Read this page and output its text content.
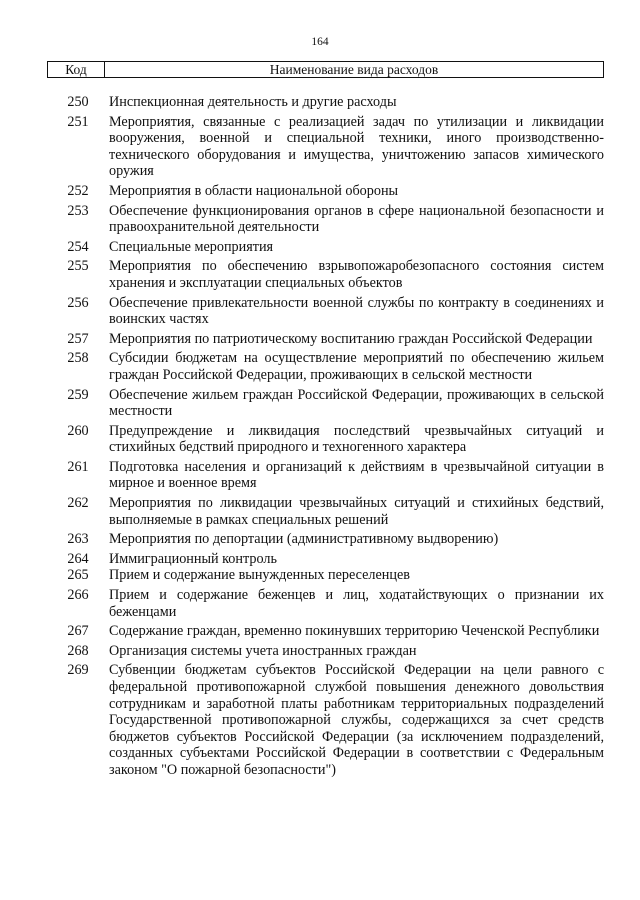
164
Код	Наименование вида расходов
250	Инспекционная деятельность и другие расходы
251	Мероприятия, связанные с реализацией задач по утилизации и ликвидации вооружения, военной и специальной техники, иного производственно-технического оборудования и имущества, уничтожению запасов химического оружия
252	Мероприятия в области национальной обороны
253	Обеспечение функционирования органов в сфере национальной безопасности и правоохранительной деятельности
254	Специальные мероприятия
255	Мероприятия по обеспечению взрывопожаробезопасного состояния систем хранения и эксплуатации специальных объектов
256	Обеспечение привлекательности военной службы по контракту в соединениях и воинских частях
257	Мероприятия по патриотическому воспитанию граждан Российской Федерации
258	Субсидии бюджетам на осуществление мероприятий по обеспечению жильем граждан Российской Федерации, проживающих в сельской местности
259	Обеспечение жильем граждан Российской Федерации, проживающих в сельской местности
260	Предупреждение и ликвидация последствий чрезвычайных ситуаций и стихийных бедствий природного и техногенного характера
261	Подготовка населения и организаций к действиям в чрезвычайной ситуации в мирное и военное время
262	Мероприятия по ликвидации чрезвычайных ситуаций и стихийных бедствий, выполняемые в рамках специальных решений
263	Мероприятия по депортации (административному выдворению)
264	Иммиграционный контроль
265	Прием и содержание вынужденных переселенцев
266	Прием и содержание беженцев и лиц, ходатайствующих о признании их беженцами
267	Содержание граждан, временно покинувших территорию Чеченской Республики
268	Организация системы учета иностранных граждан
269	Субвенции бюджетам субъектов Российской Федерации на цели равного с федеральной противопожарной службой повышения денежного довольствия сотрудникам и заработной платы работникам территориальных подразделений Государственной противопожарной службы, содержащихся за счет средств бюджетов субъектов Российской Федерации (за исключением подразделений, созданных субъектами Российской Федерации в соответствии с Федеральным законом "О пожарной безопасности")
